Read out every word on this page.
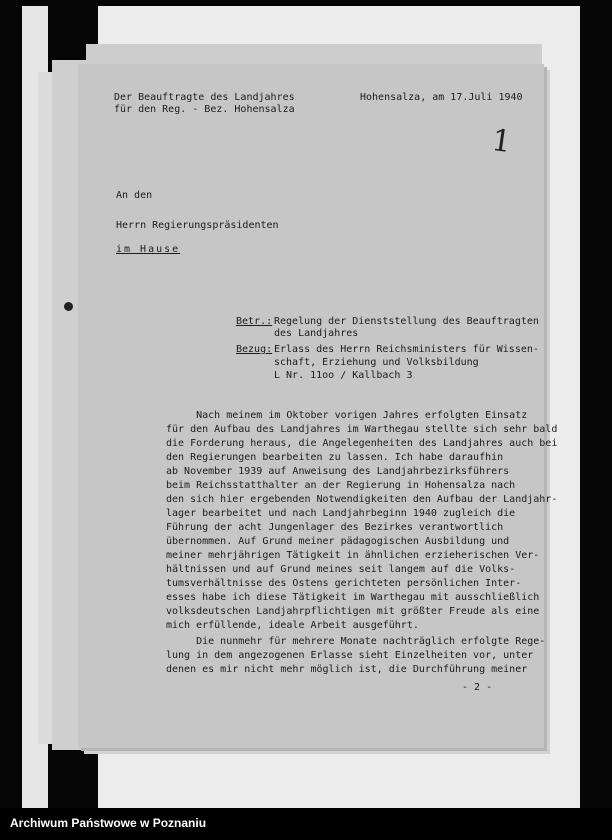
Der Beauftragte des Landjahres
für den Reg. - Bez. Hohensalza
Hohensalza, am 17.Juli 1940
An den
Herrn Regierungspräsidenten
im Hause
Betr.: Regelung der Dienststellung des Beauftragten
des Landjahres
Bezug: Erlass des Herrn Reichsministers für Wissen-
schaft, Erziehung und Volksbildung
L Nr. 11oo / Kallbach 3
Nach meinem im Oktober vorigen Jahres erfolgten Einsatz
für den Aufbau des Landjahres im Warthegau stellte sich sehr bald
die Forderung heraus, die Angelegenheiten des Landjahres auch bei
den Regierungen bearbeiten zu lassen. Ich habe daraufhin
ab November 1939 auf Anweisung des Landjahrbezirksführers
beim Reichsstatthalter an der Regierung in Hohensalza nach
den sich hier ergebenden Notwendigkeiten den Aufbau der Landjahr-
lager bearbeitet und nach Landjahrbeginn 1940 zugleich die
Führung der acht Jungenlager des Bezirkes verantwortlich
übernommen. Auf Grund meiner pädagogischen Ausbildung und
meiner mehrjährigen Tätigkeit in ähnlichen erzieherischen Ver-
hältnissen und auf Grund meines seit langem auf die Volks-
tumsverhältnisse des Ostens gerichteten persönlichen Inter-
esses habe ich diese Tätigkeit im Warthegau mit ausschließlich
volksdeutschen Landjahrpflichtigen mit größter Freude als eine
mich erfüllende, ideale Arbeit ausgeführt.
Die nunmehr für mehrere Monate nachträglich erfolgte Rege-
lung in dem angezogenen Erlasse sieht Einzelheiten vor, unter
denen es mir nicht mehr möglich ist, die Durchführung meiner
- 2 -
1
Archiwum Państwowe w Poznaniu
